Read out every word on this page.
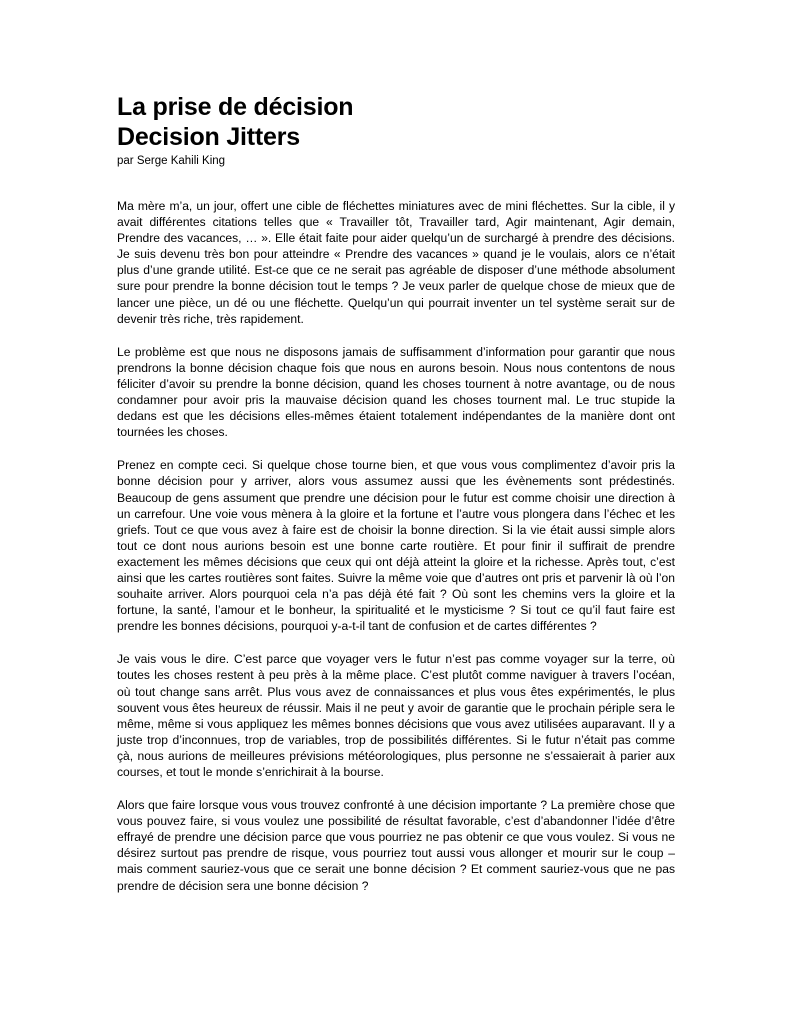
La prise de décision
Decision Jitters

par Serge Kahili King

Ma mère m’a, un jour, offert une cible de fléchettes miniatures avec de mini fléchettes. Sur la cible, il y avait différentes citations telles que « Travailler tôt, Travailler tard, Agir maintenant, Agir demain, Prendre des vacances, … ». Elle était faite pour aider quelqu’un de surchargé à prendre des décisions. Je suis devenu très bon pour atteindre « Prendre des vacances » quand je le voulais, alors ce n’était plus d’une grande utilité. Est-ce que ce ne serait pas agréable de disposer d’une méthode absolument sure pour prendre la bonne décision tout le temps ? Je veux parler de quelque chose de mieux que de lancer une pièce, un dé ou une fléchette. Quelqu’un qui pourrait inventer un tel système serait sur de devenir très riche, très rapidement.

Le problème est que nous ne disposons jamais de suffisamment d’information pour garantir que nous prendrons la bonne décision chaque fois que nous en aurons besoin. Nous nous contentons de nous féliciter d’avoir su prendre la bonne décision, quand les choses tournent à notre avantage, ou de nous condamner pour avoir pris la mauvaise décision quand les choses tournent mal. Le truc stupide la dedans est que les décisions elles-mêmes étaient totalement indépendantes de la manière dont ont tournées les choses.

Prenez en compte ceci. Si quelque chose tourne bien, et que vous vous complimentez d’avoir pris la bonne décision pour y arriver, alors vous assumez aussi que les évènements sont prédestinés. Beaucoup de gens assument que prendre une décision pour le futur est comme choisir une direction à un carrefour. Une voie vous mènera à la gloire et la fortune et l’autre vous plongera dans l’échec et les griefs. Tout ce que vous avez à faire est de choisir la bonne direction. Si la vie était aussi simple alors tout ce dont nous aurions besoin est une bonne carte routière. Et pour finir il suffirait de prendre exactement les mêmes décisions que ceux qui ont déjà atteint la gloire et la richesse. Après tout, c’est ainsi que les cartes routières sont faites. Suivre la même voie que d’autres ont pris et parvenir là où l’on souhaite arriver. Alors pourquoi cela n’a pas déjà été fait ? Où sont les chemins vers la gloire et la fortune, la santé, l’amour et le bonheur, la spiritualité et le mysticisme ? Si tout ce qu’il faut faire est prendre les bonnes décisions, pourquoi y-a-t-il tant de confusion et de cartes différentes ?

Je vais vous le dire. C’est parce que voyager vers le futur n’est pas comme voyager sur la terre, où toutes les choses restent à peu près à la même place. C’est plutôt comme naviguer à travers l’océan, où tout change sans arrêt. Plus vous avez de connaissances et plus vous êtes expérimentés, le plus souvent vous êtes heureux de réussir. Mais il ne peut y avoir de garantie que le prochain périple sera le même, même si vous appliquez les mêmes bonnes décisions que vous avez utilisées auparavant. Il y a juste trop d’inconnues, trop de variables, trop de possibilités différentes. Si le futur n’était pas comme çà, nous aurions de meilleures prévisions météorologiques, plus personne ne s’essaierait à parier aux courses, et tout le monde s’enrichirait à la bourse.

Alors que faire lorsque vous vous trouvez confronté à une décision importante ? La première chose que vous pouvez faire, si vous voulez une possibilité de résultat favorable, c’est d’abandonner l’idée d’être effrayé de prendre une décision parce que vous pourriez ne pas obtenir ce que vous voulez. Si vous ne désirez surtout pas prendre de risque, vous pourriez tout aussi vous allonger et mourir sur le coup – mais comment sauriez-vous que ce serait une bonne décision ? Et comment sauriez-vous que ne pas prendre de décision sera une bonne décision ?
